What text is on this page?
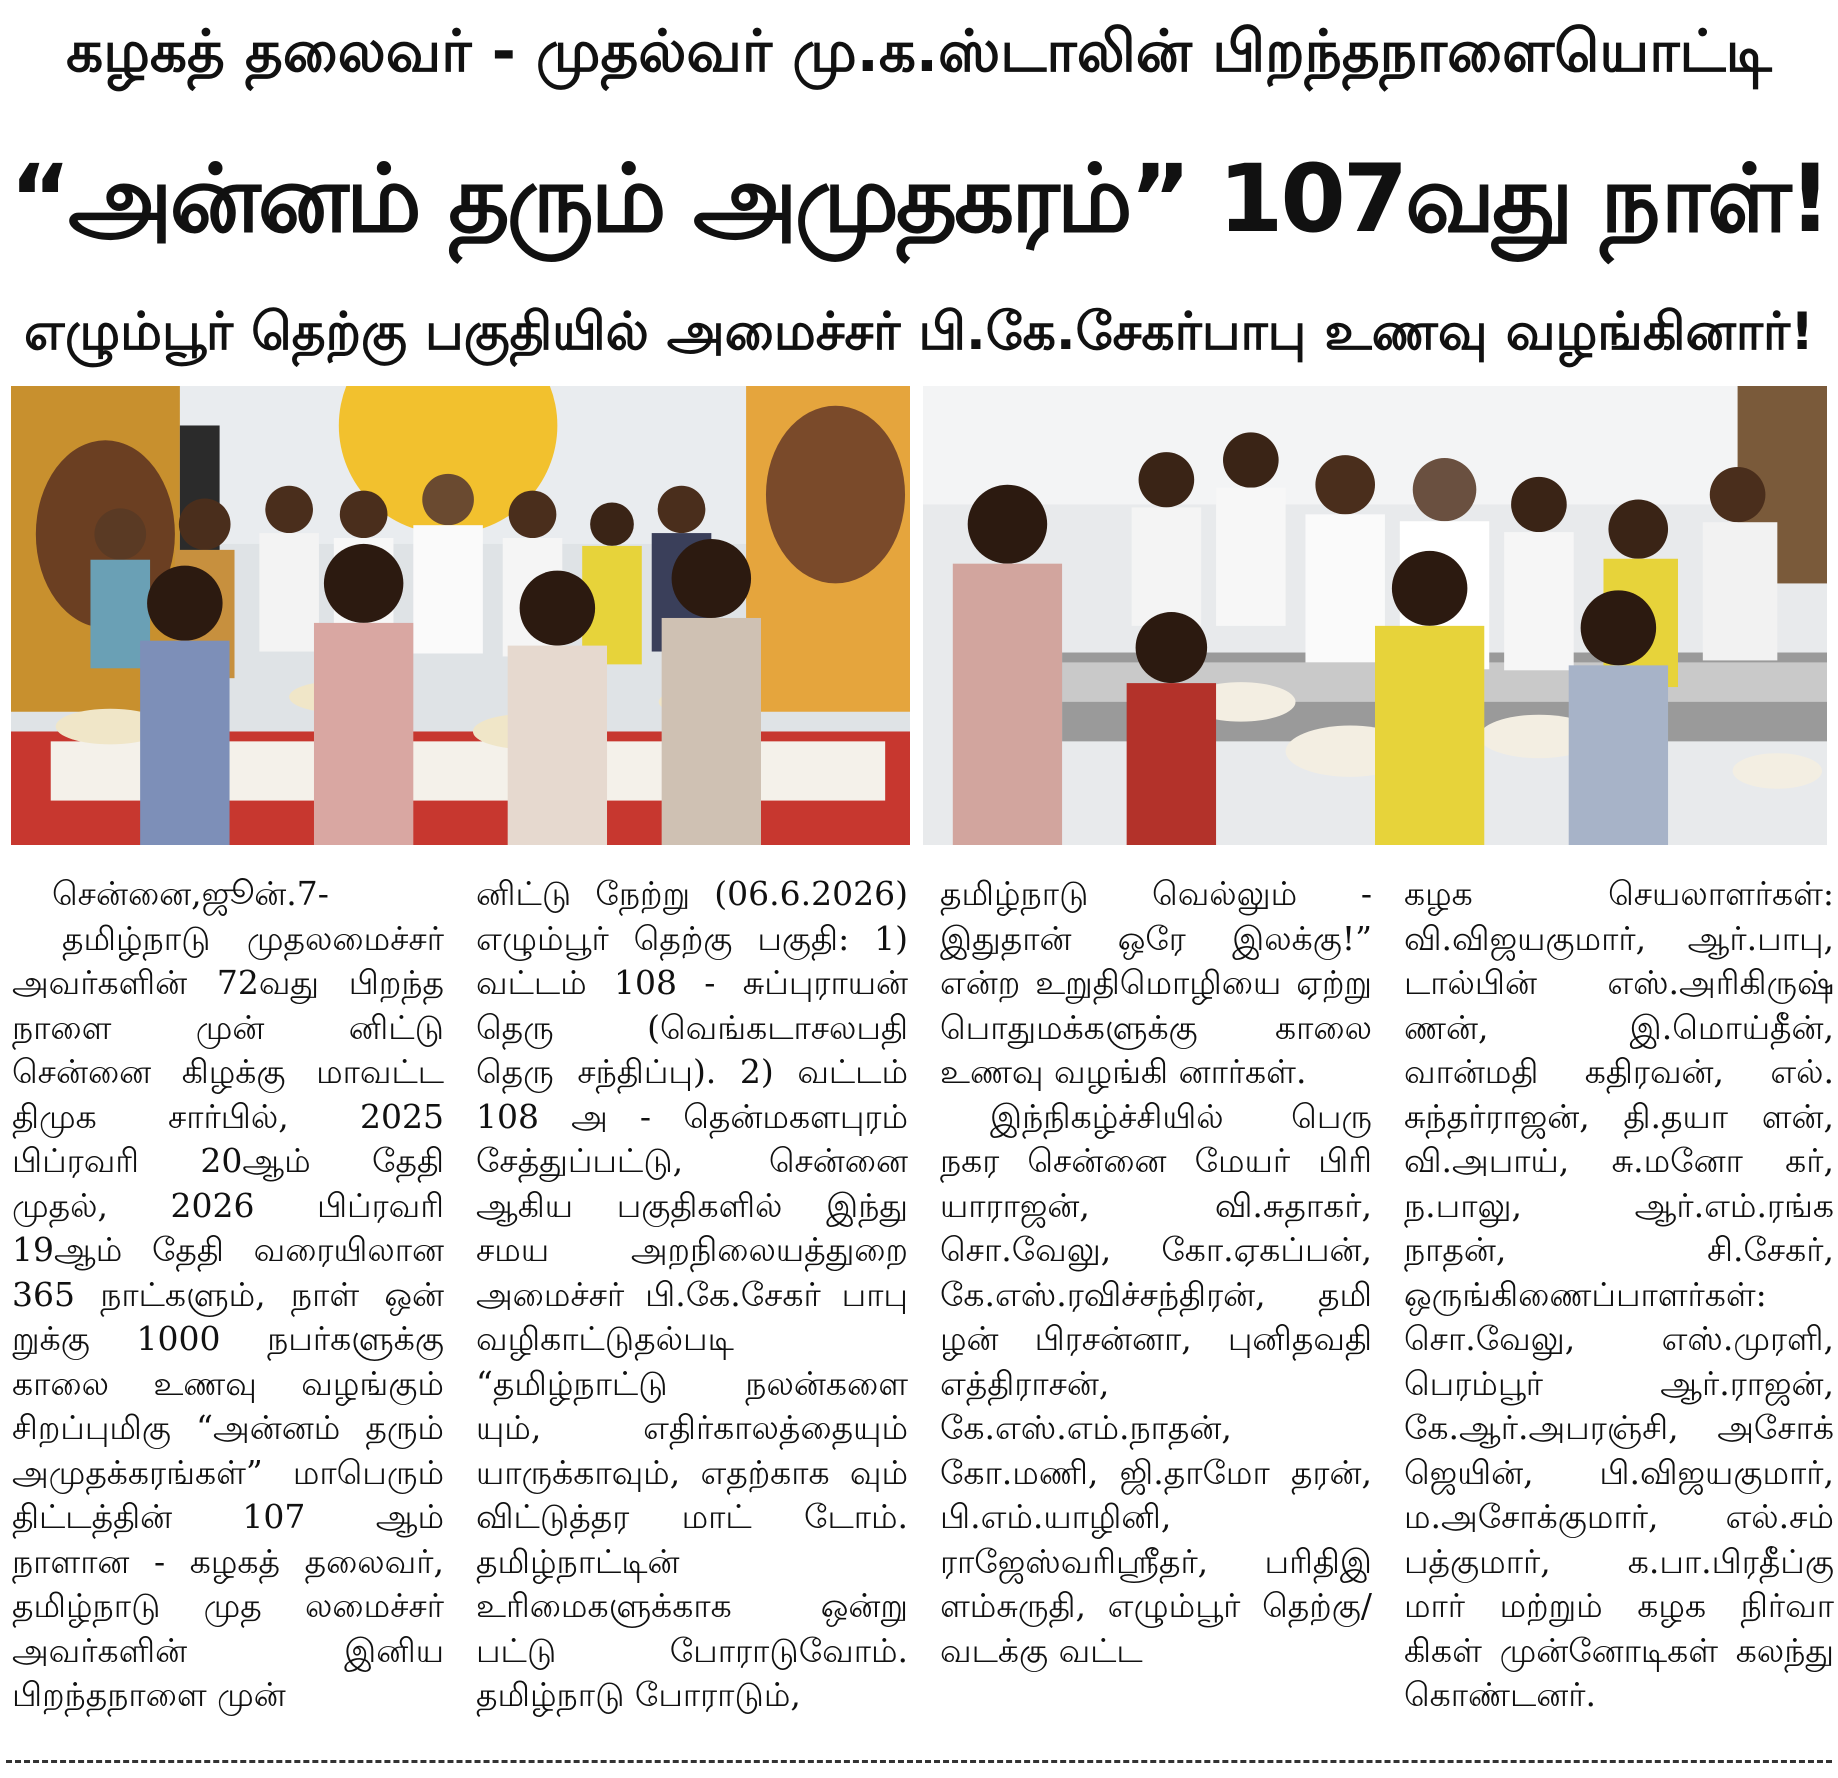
கழகத் தலைவர் - முதல்வர் மு.க.ஸ்டாலின் பிறந்தநாளையொட்டி
“அன்னம் தரும் அமுதகரம்” 107வது நாள்!
எழும்பூர் தெற்கு பகுதியில் அமைச்சர் பி.கே.சேகர்பாபு உணவு வழங்கினார்!

சென்னை,ஜூன்.7-

தமிழ்நாடு முதலமைச்சர் அவர்களின் 72வது பிறந்த நாளை முன் னிட்டு சென்னை கிழக்கு மாவட்ட திமுக சார்பில், 2025 பிப்ரவரி 20ஆம் தேதி முதல், 2026 பிப்ரவரி 19ஆம் தேதி வரையிலான 365 நாட்களும், நாள் ஒன் றுக்கு 1000 நபர்களுக்கு காலை உணவு வழங்கும் சிறப்புமிகு “அன்னம் தரும் அமுதக்கரங்கள்” மாபெரும் திட்டத்தின் 107 ஆம் நாளான - கழகத் தலைவர், தமிழ்நாடு முத லமைச்சர் அவர்களின் இனிய பிறந்தநாளை முன்

னிட்டு நேற்று (06.6.2026) எழும்பூர் தெற்கு பகுதி: 1) வட்டம் 108 - சுப்புராயன் தெரு (வெங்கடாசலபதி தெரு சந்திப்பு). 2) வட்டம் 108 அ - தென்மகளபுரம் சேத்துப்பட்டு, சென்னை ஆகிய பகுதிகளில் இந்து சமய அறநிலையத்துறை அமைச்சர் பி.கே.சேகர் பாபு வழிகாட்டுதல்படி “தமிழ்நாட்டு நலன்களை யும், எதிர்காலத்தையும் யாருக்காவும், எதற்காக வும் விட்டுத்தர மாட் டோம். தமிழ்நாட்டின் உரிமைகளுக்காக ஒன்று பட்டு போராடுவோம். தமிழ்நாடு போராடும்,

தமிழ்நாடு வெல்லும் - இதுதான் ஒரே இலக்கு!” என்ற உறுதிமொழியை ஏற்று பொதுமக்களுக்கு காலை உணவு வழங்கி னார்கள்.

இந்நிகழ்ச்சியில் பெரு நகர சென்னை மேயர் பிரி யாராஜன், வி.சுதாகர், சொ.வேலு, கோ.ஏகப்பன், கே.எஸ்.ரவிச்சந்திரன், தமி ழன் பிரசன்னா, புனிதவதி எத்திராசன், கே.எஸ்.எம்.நாதன், கோ.மணி, ஜி.தாமோ தரன், பி.எம்.யாழினி, ராஜேஸ்வரிஸ்ரீதர், பரிதிஇ ளம்சுருதி, எழும்பூர் தெற்கு/வடக்கு வட்ட

கழக செயலாளர்கள்: வி.விஜயகுமார், ஆர்.பாபு, டால்பின் எஸ்.அரிகிருஷ் ணன், இ.மொய்தீன், வான்மதி கதிரவன், எல். சுந்தர்ராஜன், தி.தயா ளன், வி.அபாய், சு.மனோ கர், ந.பாலு, ஆர்.எம்.ரங்க நாதன், சி.சேகர், ஒருங்கிணைப்பாளர்கள்: சொ.வேலு, எஸ்.முரளி, பெரம்பூர் ஆர்.ராஜன், கே.ஆர்.அபரஞ்சி, அசோக் ஜெயின், பி.விஜயகுமார், ம.அசோக்குமார், எல்.சம் பத்குமார், க.பா.பிரதீப்கு மார் மற்றும் கழக நிர்வா கிகள் முன்னோடிகள் கலந்து கொண்டனர்.
